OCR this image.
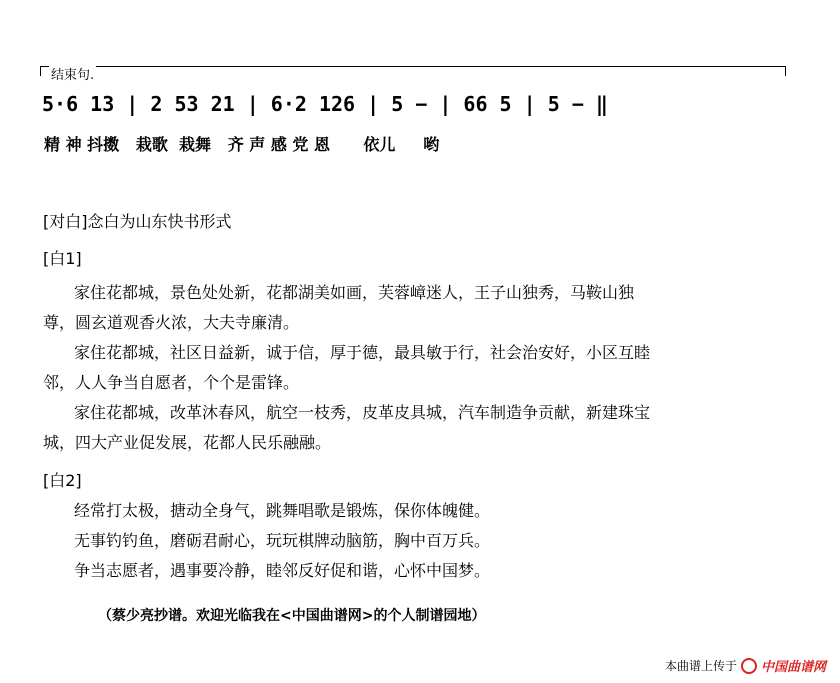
结束句.
5·6 13 | 2 53 21 | 6·2 126 | 5 − | 66 5 | 5 − ‖
精 神 抖擞   栽歌  栽舞   齐 声 感 党 恩      依儿     哟
[对白]念白为山东快书形式
[白1]
家住花都城，景色处处新，花都湖美如画，芙蓉嶂迷人，王子山独秀，马鞍山独
尊，圆玄道观香火浓，大夫寺廉清。
家住花都城，社区日益新，诚于信，厚于德，最具敏于行，社会治安好，小区互睦
邻，人人争当自愿者，个个是雷锋。
家住花都城，改革沐春风，航空一枝秀，皮革皮具城，汽车制造争贡献，新建珠宝
城，四大产业促发展，花都人民乐融融。
[白2]
经常打太极，搪动全身气，跳舞唱歌是锻炼，保你体魄健。
无事钓钓鱼，磨砺君耐心，玩玩棋牌动脑筋，胸中百万兵。
争当志愿者，遇事要冷静，睦邻反好促和谐，心怀中国梦。
（蔡少亮抄谱。欢迎光临我在<中国曲谱网>的个人制谱园地）
本曲谱上传于 中国曲谱网
